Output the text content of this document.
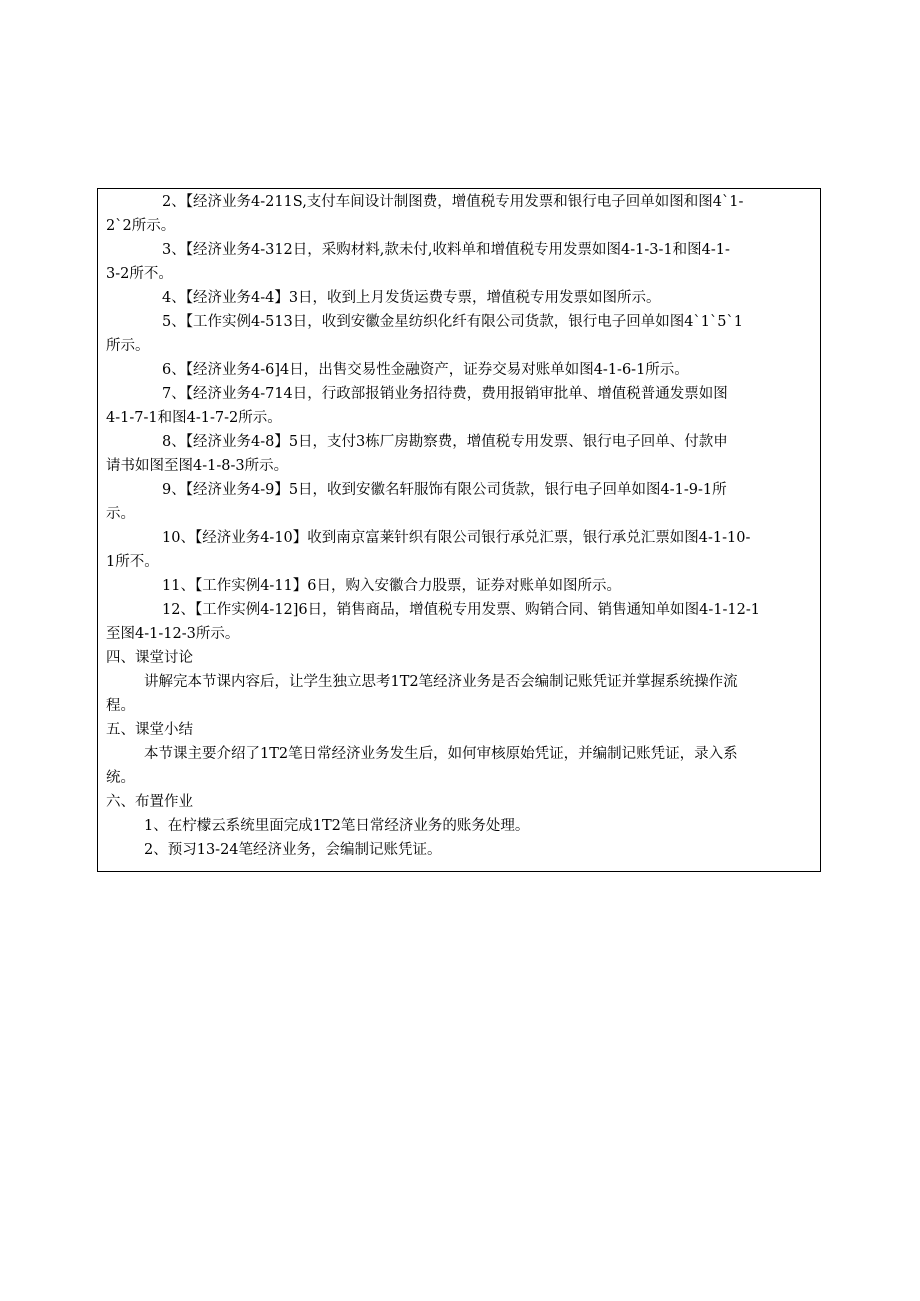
2、【经济业务4-211S,支付车间设计制图费，增值税专用发票和银行电子回单如图和图4`1-
2`2所示。
3、【经济业务4-312日，采购材料,款未付,收料单和增值税专用发票如图4-1-3-1和图4-1-
3-2所不。
4、【经济业务4-4】3日，收到上月发货运费专票，增值税专用发票如图所示。
5、【工作实例4-513日，收到安徽金星纺织化纤有限公司货款，银行电子回单如图4`1`5`1
所示。
6、【经济业务4-6]4日，出售交易性金融资产，证券交易对账单如图4-1-6-1所示。
7、【经济业务4-714日，行政部报销业务招待费，费用报销审批单、增值税普通发票如图
4-1-7-1和图4-1-7-2所示。
8、【经济业务4-8】5日，支付3栋厂房勘察费，增值税专用发票、银行电子回单、付款申
请书如图至图4-1-8-3所示。
9、【经济业务4-9】5日，收到安徽名轩服饰有限公司货款，银行电子回单如图4-1-9-1所
示。
10、【经济业务4-10】收到南京富莱针织有限公司银行承兑汇票，银行承兑汇票如图4-1-10-
1所不。
11、【工作实例4-11】6日，购入安徽合力股票，证券对账单如图所示。
12、【工作实例4-12]6日，销售商品，增值税专用发票、购销合同、销售通知单如图4-1-12-1
至图4-1-12-3所示。
四、课堂讨论
讲解完本节课内容后，让学生独立思考1T2笔经济业务是否会编制记账凭证并掌握系统操作流
程。
五、课堂小结
本节课主要介绍了1T2笔日常经济业务发生后，如何审核原始凭证，并编制记账凭证，录入系
统。
六、布置作业
1、在柠檬云系统里面完成1T2笔日常经济业务的账务处理。
2、预习13-24笔经济业务，会编制记账凭证。
